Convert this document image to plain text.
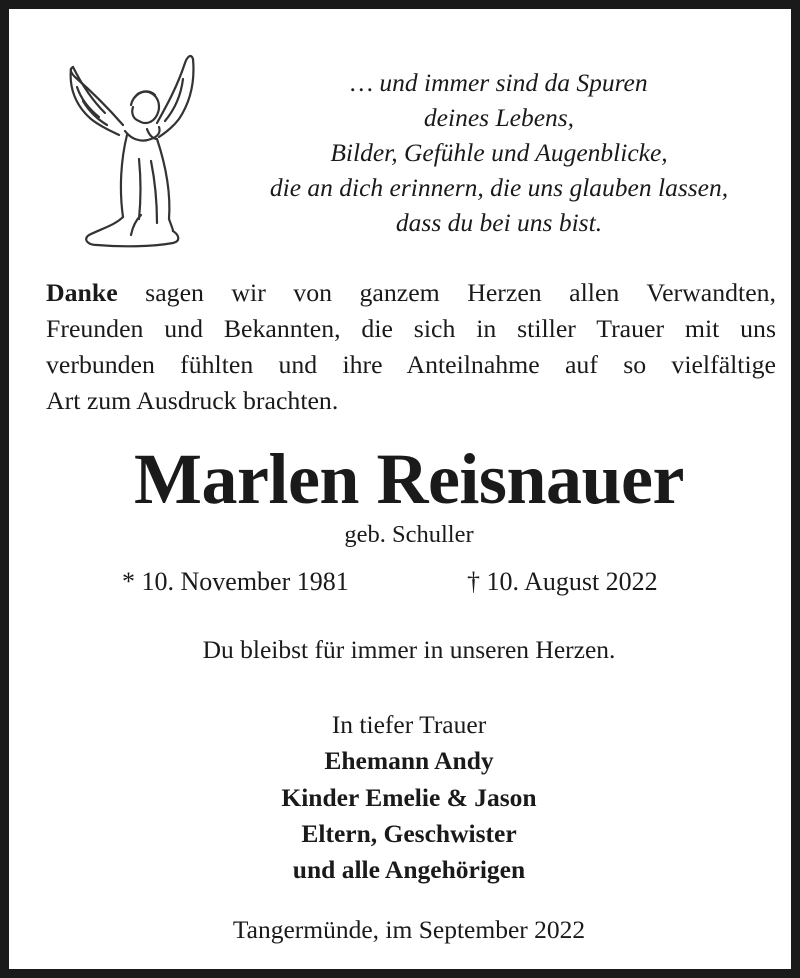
… und immer sind da Spuren
deines Lebens,
Bilder, Gefühle und Augenblicke,
die an dich erinnern, die uns glauben lassen,
dass du bei uns bist.
Danke sagen wir von ganzem Herzen allen Verwandten,
Freunden und Bekannten, die sich in stiller Trauer mit uns
verbunden fühlten und ihre Anteilnahme auf so vielfältige
Art zum Ausdruck brachten.
Marlen Reisnauer
geb. Schuller
* 10. November 1981	† 10. August 2022
Du bleibst für immer in unseren Herzen.
In tiefer Trauer
Ehemann Andy
Kinder Emelie & Jason
Eltern, Geschwister
und alle Angehörigen
Tangermünde, im September 2022
